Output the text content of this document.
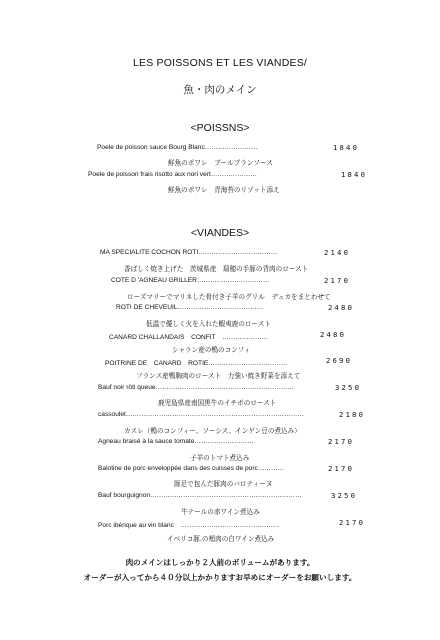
LES POISSONS ET LES VIANDES/
魚・肉のメイン
<POISSNS>
Poele de poisson sauce Bourg Blanc……………………	1840
鮮魚のポワレ　ブールブランソース
Poele de poisson frais risotto aux nori vert…………………	1840
鮮魚のポワレ　青海苔のリゾット添え
<VIANDES>
MA SPECIALITE COCHON ROTI………………………………	2140
香ばしく焼き上げた　茨城県産　瑞穂の手豚の背肉のロースト
COTE D 'AGNEAU GRILLER……………………………	2170
ローズマリーでマリネした骨付き子羊のグリル　デュカをまとわせて
ROTI DE CHEVEUIL…………………………………	2480
低温で優しく火を入れた蝦夷鹿のロースト
CANARD CHALLANDAIS　CONFIT　…………………	2480
シャラン産の鴨のコンフィ
POITRINE DE　CANARD　ROTIE………………………………	2690
フランス産鴨胸肉のロースト　力強い焼き野菜を添えて
Bauf noir rôti queue………………………………………………………	3250
鹿児島県産南国黒牛のイチボのロースト
cassoulet………………………………………………………………………	2180
カスレ（鴨のコンフィー、ソーシス、インゲン豆の煮込み）
Agneau braisé à la sauce tomate………………………	2170
子羊のトマト煮込み
Balotine de porc enveloppée dans des cuisses de porc…………	2170
豚足で包んだ豚肉のバロティーヌ
Bauf bourguignon……………………………………………………………	3250
牛テールの赤ワイン煮込み
Porc ibérique au vin blanc　………………………………………	2170
イベリコ豚.の頬肉の白ワイン煮込み
肉のメインはしっかり２人前のボリュームがあります。
オーダーが入ってから４０分以上かかりますお早めにオーダーをお願いします。
